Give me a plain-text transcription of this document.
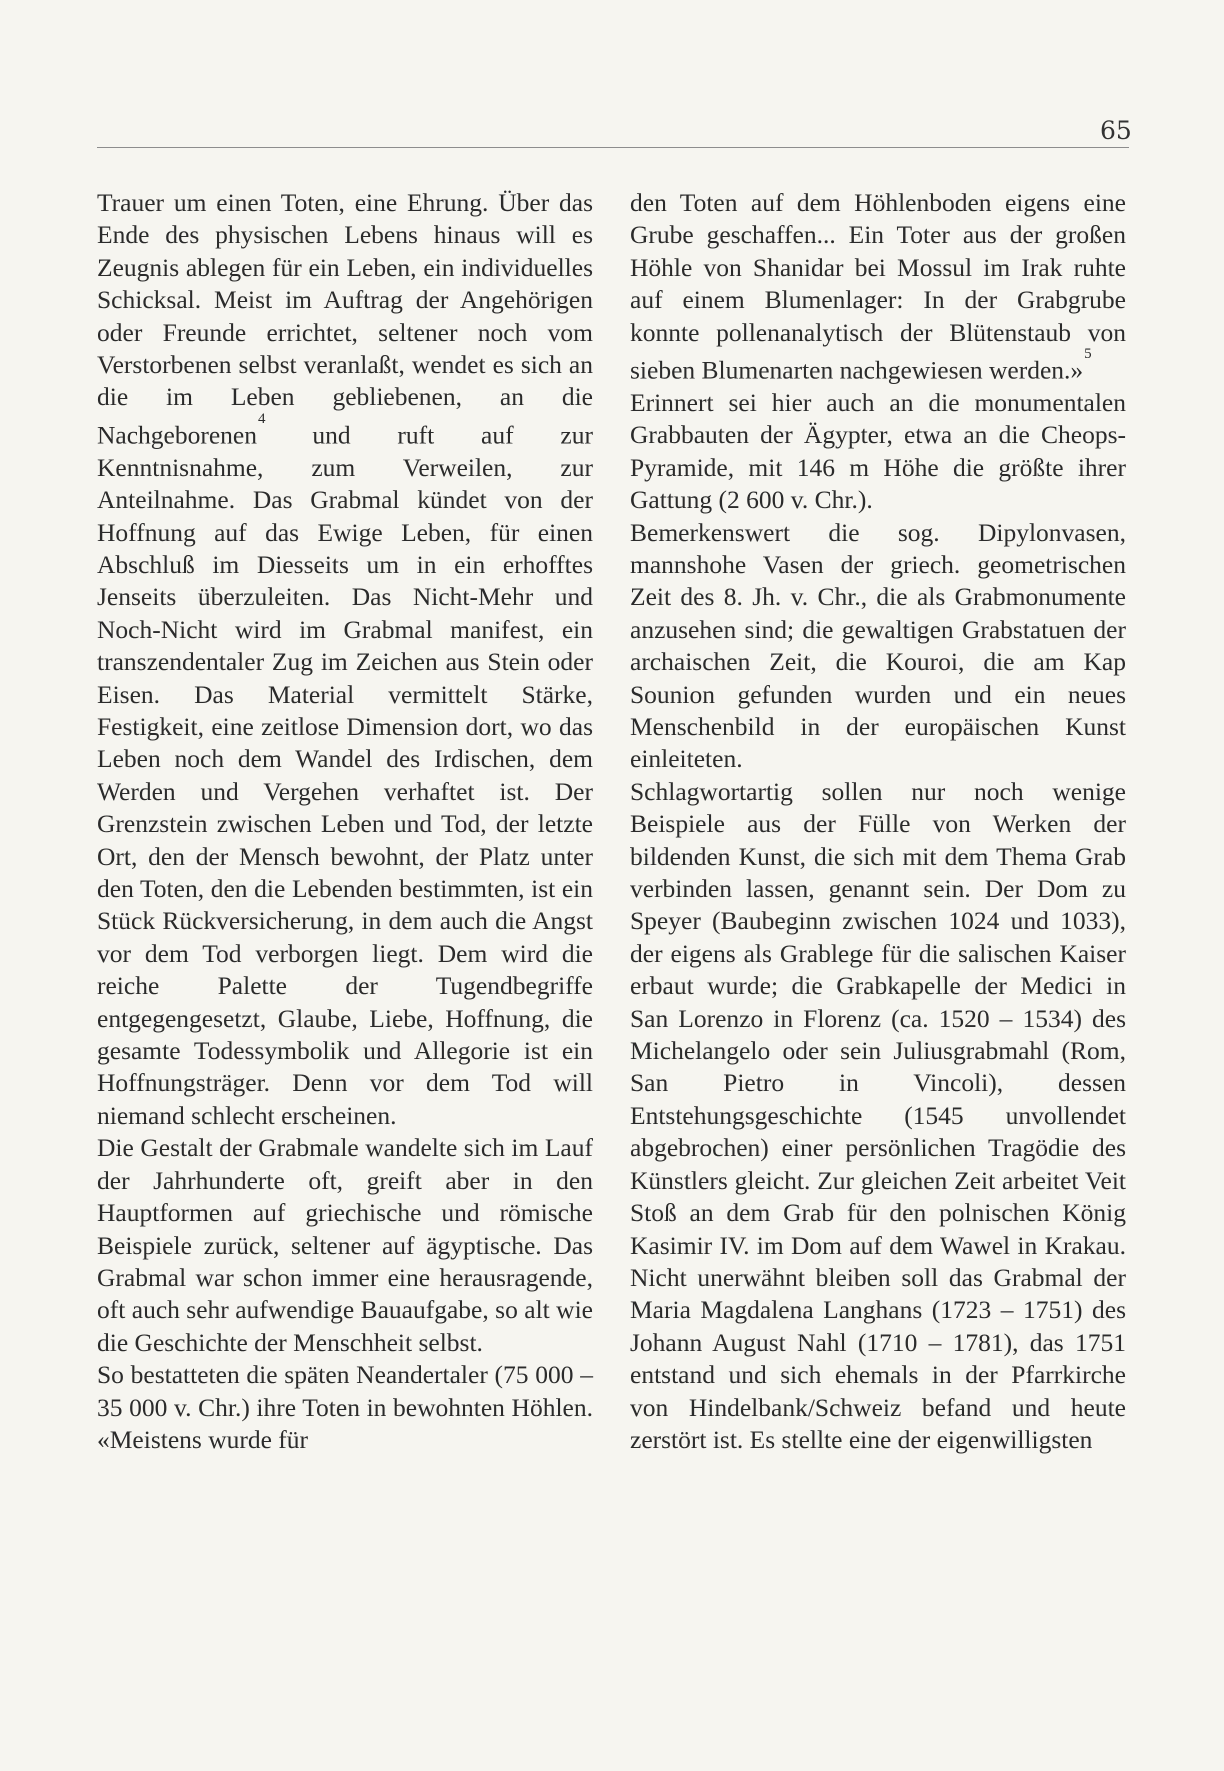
65

Trauer um einen Toten, eine Ehrung. Über das Ende des physischen Lebens hinaus will es Zeugnis ablegen für ein Leben, ein individuelles Schicksal. Meist im Auftrag der Angehörigen oder Freunde errichtet, seltener noch vom Verstorbenen selbst veranlaßt, wendet es sich an die im Leben gebliebenen, an die Nachgeborenen$^4$ und ruft auf zur Kenntnisnahme, zum Verweilen, zur Anteilnahme. Das Grabmal kündet von der Hoffnung auf das Ewige Leben, für einen Abschluß im Diesseits um in ein erhofftes Jenseits überzuleiten. Das Nicht-Mehr und Noch-Nicht wird im Grabmal manifest, ein transzendentaler Zug im Zeichen aus Stein oder Eisen. Das Material vermittelt Stärke, Festigkeit, eine zeitlose Dimension dort, wo das Leben noch dem Wandel des Irdischen, dem Werden und Vergehen verhaftet ist. Der Grenzstein zwischen Leben und Tod, der letzte Ort, den der Mensch bewohnt, der Platz unter den Toten, den die Lebenden bestimmten, ist ein Stück Rückversicherung, in dem auch die Angst vor dem Tod verborgen liegt. Dem wird die reiche Palette der Tugendbegriffe entgegengesetzt, Glaube, Liebe, Hoffnung, die gesamte Todessymbolik und Allegorie ist ein Hoffnungsträger. Denn vor dem Tod will niemand schlecht erscheinen.

Die Gestalt der Grabmale wandelte sich im Lauf der Jahrhunderte oft, greift aber in den Hauptformen auf griechische und römische Beispiele zurück, seltener auf ägyptische. Das Grabmal war schon immer eine herausragende, oft auch sehr aufwendige Bauaufgabe, so alt wie die Geschichte der Menschheit selbst.

So bestatteten die späten Neandertaler (75 000 – 35 000 v. Chr.) ihre Toten in bewohnten Höhlen. «Meistens wurde für

den Toten auf dem Höhlenboden eigens eine Grube geschaffen... Ein Toter aus der großen Höhle von Shanidar bei Mossul im Irak ruhte auf einem Blumenlager: In der Grabgrube konnte pollenanalytisch der Blütenstaub von sieben Blumenarten nachgewiesen werden.»$^5$

Erinnert sei hier auch an die monumentalen Grabbauten der Ägypter, etwa an die Cheops-Pyramide, mit 146 m Höhe die größte ihrer Gattung (2 600 v. Chr.).

Bemerkenswert die sog. Dipylonvasen, mannshohe Vasen der griech. geometrischen Zeit des 8. Jh. v. Chr., die als Grabmonumente anzusehen sind; die gewaltigen Grabstatuen der archaischen Zeit, die Kouroi, die am Kap Sounion gefunden wurden und ein neues Menschenbild in der europäischen Kunst einleiteten.

Schlagwortartig sollen nur noch wenige Beispiele aus der Fülle von Werken der bildenden Kunst, die sich mit dem Thema Grab verbinden lassen, genannt sein. Der Dom zu Speyer (Baubeginn zwischen 1024 und 1033), der eigens als Grablege für die salischen Kaiser erbaut wurde; die Grabkapelle der Medici in San Lorenzo in Florenz (ca. 1520 – 1534) des Michelangelo oder sein Juliusgrabmahl (Rom, San Pietro in Vincoli), dessen Entstehungsgeschichte (1545 unvollendet abgebrochen) einer persönlichen Tragödie des Künstlers gleicht. Zur gleichen Zeit arbeitet Veit Stoß an dem Grab für den polnischen König Kasimir IV. im Dom auf dem Wawel in Krakau. Nicht unerwähnt bleiben soll das Grabmal der Maria Magdalena Langhans (1723 – 1751) des Johann August Nahl (1710 – 1781), das 1751 entstand und sich ehemals in der Pfarrkirche von Hindelbank/Schweiz befand und heute zerstört ist. Es stellte eine der eigenwilligsten
